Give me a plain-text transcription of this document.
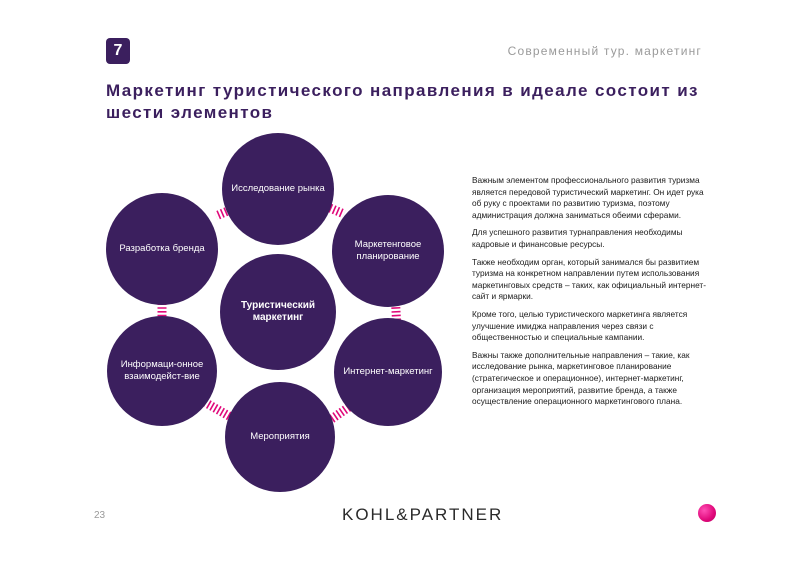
7	Современный тур. маркетинг
Маркетинг туристического направления в идеале состоит из шести элементов
Исследование рынка
Маркетенговое планирование
Интернет-маркетинг
Мероприятия
Информаци-онное взаимодейст-вие
Разработка бренда
Туристический маркетинг

Важным элементом профессионального развития туризма является передовой туристический маркетинг. Он идет рука об руку с проектами по развитию туризма, поэтому администрация должна заниматься обеими сферами.

Для успешного развития турнаправления необходимы кадровые и финансовые ресурсы.

Также необходим орган, который занимался бы развитием туризма на конкретном направлении путем использования маркетинговых средств – таких, как официальный интернет-сайт и ярмарки.

Кроме того, целью туристического маркетинга является улучшение имиджа направления через связи с общественностью и специальные кампании.

Важны также дополнительные направления – такие, как исследование рынка, маркетинговое планирование (стратегическое и операционное), интернет-маркетинг, организация мероприятий, развитие бренда, а также осуществление операционного маркетингового плана.

23	KOHL&PARTNER
